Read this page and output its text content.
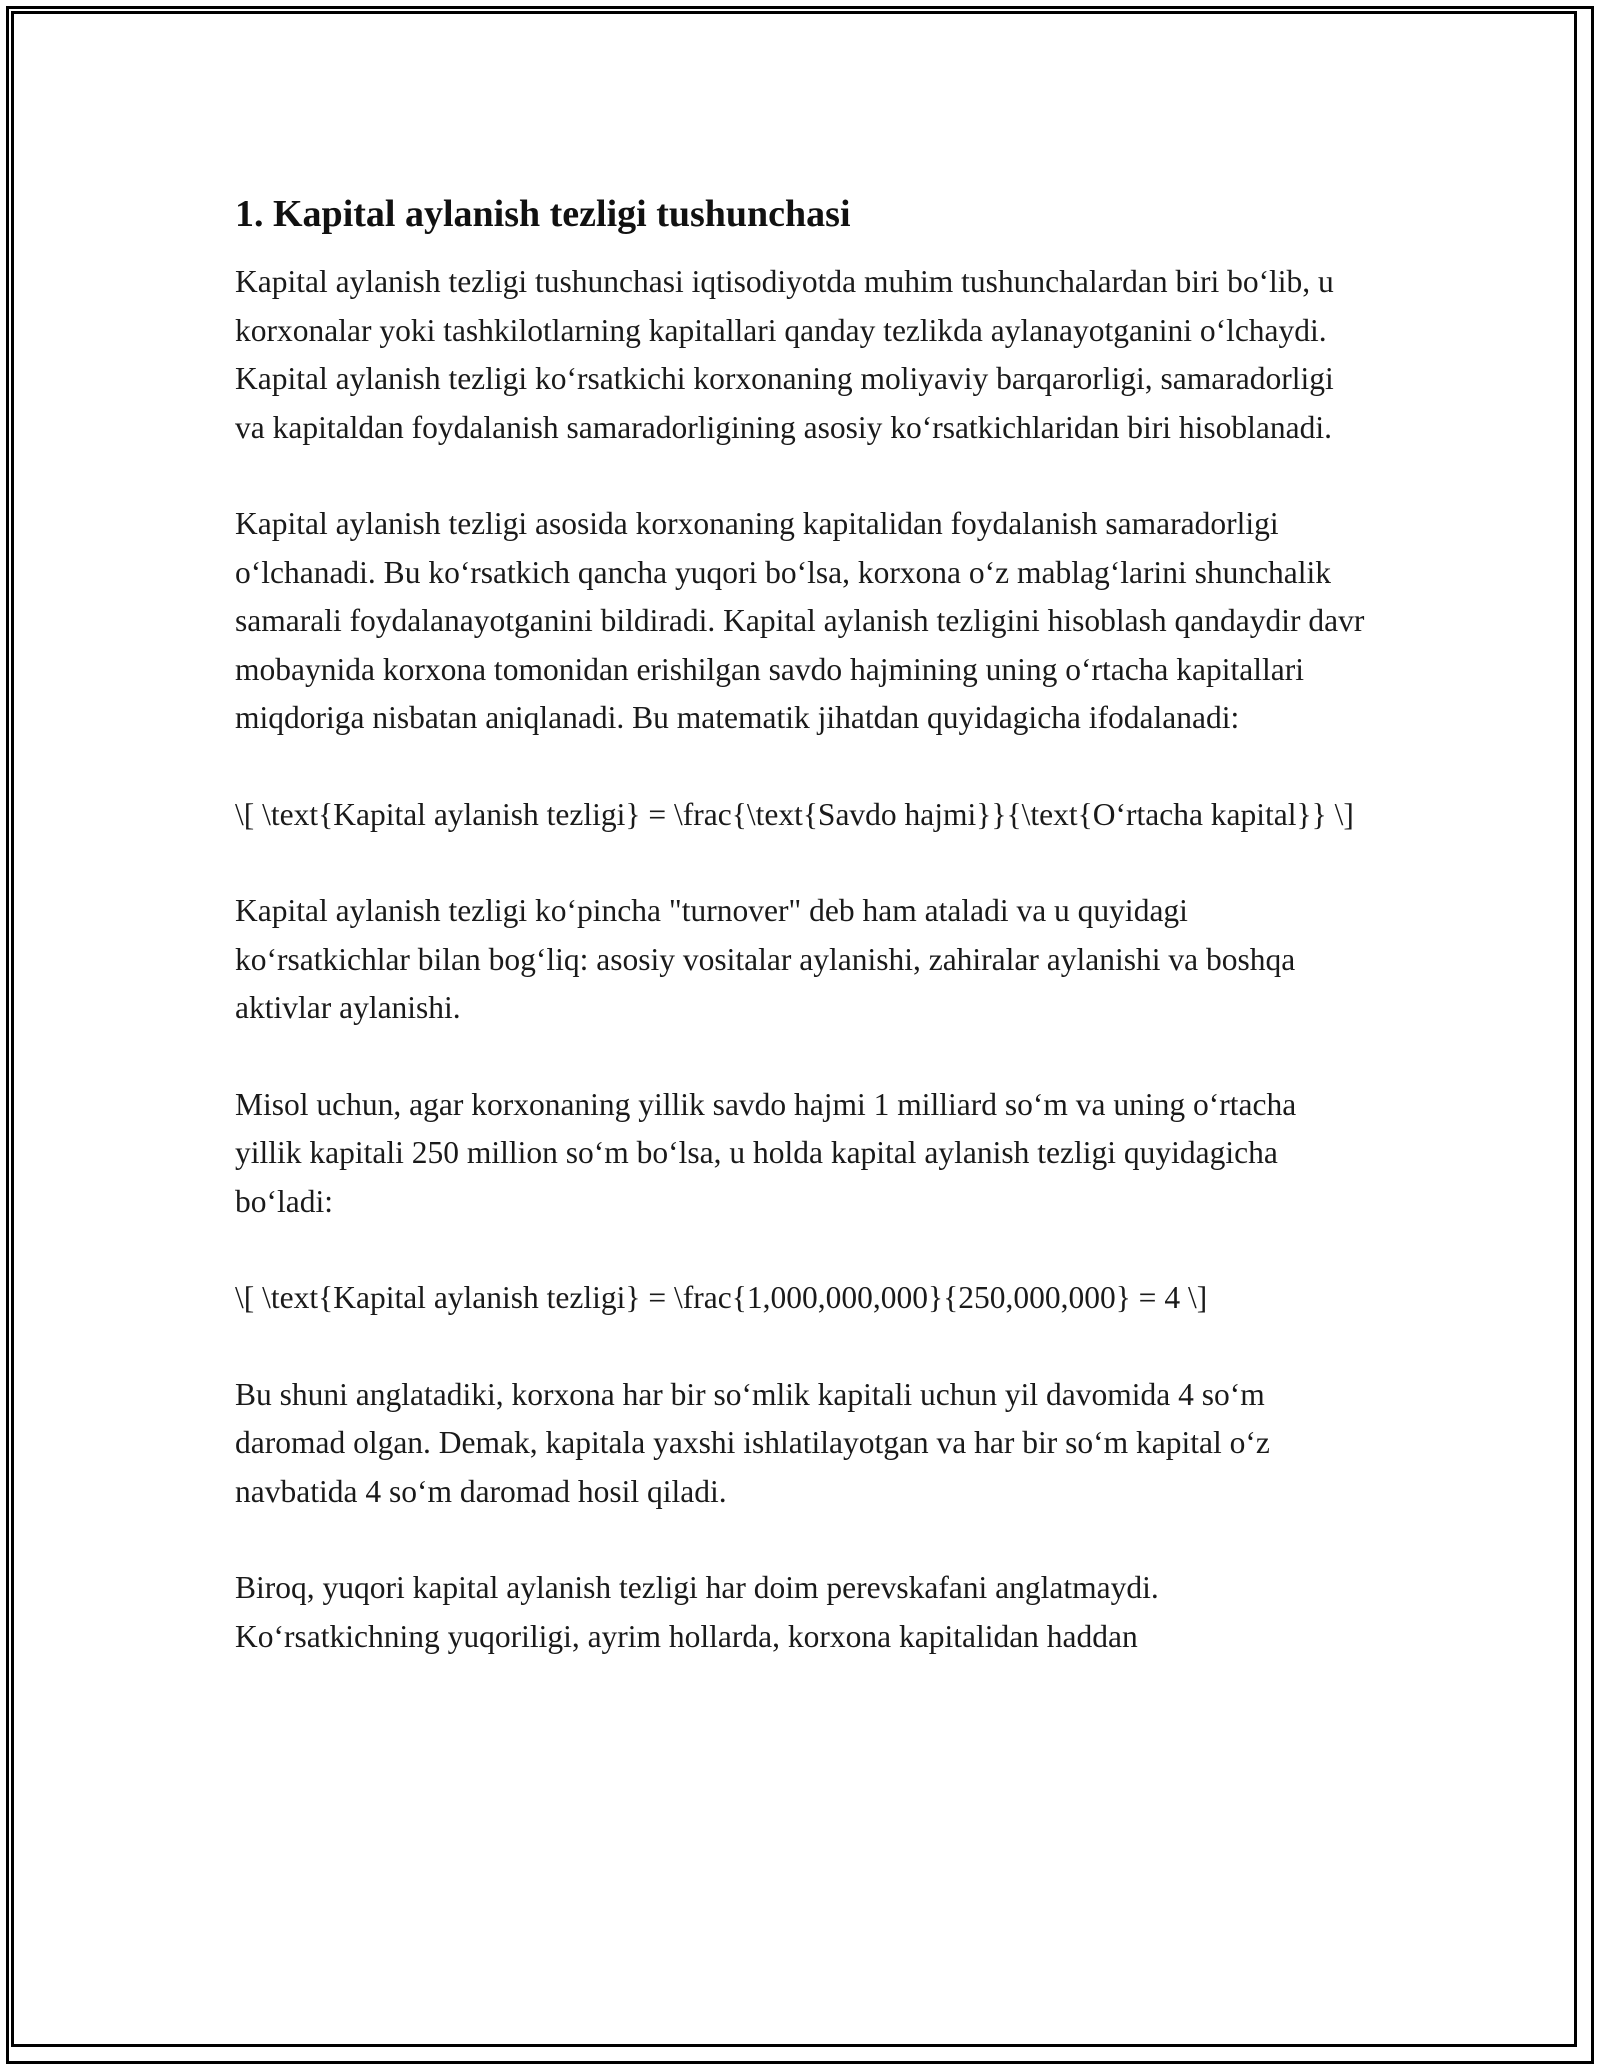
1. Kapital aylanish tezligi tushunchasi

Kapital aylanish tezligi tushunchasi iqtisodiyotda muhim tushunchalardan biri bo‘lib, u korxonalar yoki tashkilotlarning kapitallari qanday tezlikda aylanayotganini o‘lchaydi. Kapital aylanish tezligi ko‘rsatkichi korxonaning moliyaviy barqarorligi, samaradorligi va kapitaldan foydalanish samaradorligining asosiy ko‘rsatkichlaridan biri hisoblanadi.

Kapital aylanish tezligi asosida korxonaning kapitalidan foydalanish samaradorligi o‘lchanadi. Bu ko‘rsatkich qancha yuqori bo‘lsa, korxona o‘z mablag‘larini shunchalik samarali foydalanayotganini bildiradi. Kapital aylanish tezligini hisoblash qandaydir davr mobaynida korxona tomonidan erishilgan savdo hajmining uning o‘rtacha kapitallari miqdoriga nisbatan aniqlanadi. Bu matematik jihatdan quyidagicha ifodalanadi:

\[ \text{Kapital aylanish tezligi} = \frac{\text{Savdo hajmi}}{\text{O‘rtacha kapital}} \]

Kapital aylanish tezligi ko‘pincha "turnover" deb ham ataladi va u quyidagi ko‘rsatkichlar bilan bog‘liq: asosiy vositalar aylanishi, zahiralar aylanishi va boshqa aktivlar aylanishi.

Misol uchun, agar korxonaning yillik savdo hajmi 1 milliard so‘m va uning o‘rtacha yillik kapitali 250 million so‘m bo‘lsa, u holda kapital aylanish tezligi quyidagicha bo‘ladi:

\[ \text{Kapital aylanish tezligi} = \frac{1,000,000,000}{250,000,000} = 4 \]

Bu shuni anglatadiki, korxona har bir so‘mlik kapitali uchun yil davomida 4 so‘m daromad olgan. Demak, kapitala yaxshi ishlatilayotgan va har bir so‘m kapital o‘z navbatida 4 so‘m daromad hosil qiladi.

Biroq, yuqori kapital aylanish tezligi har doim perevskafani anglatmaydi. Ko‘rsatkichning yuqoriligi, ayrim hollarda, korxona kapitalidan haddan
